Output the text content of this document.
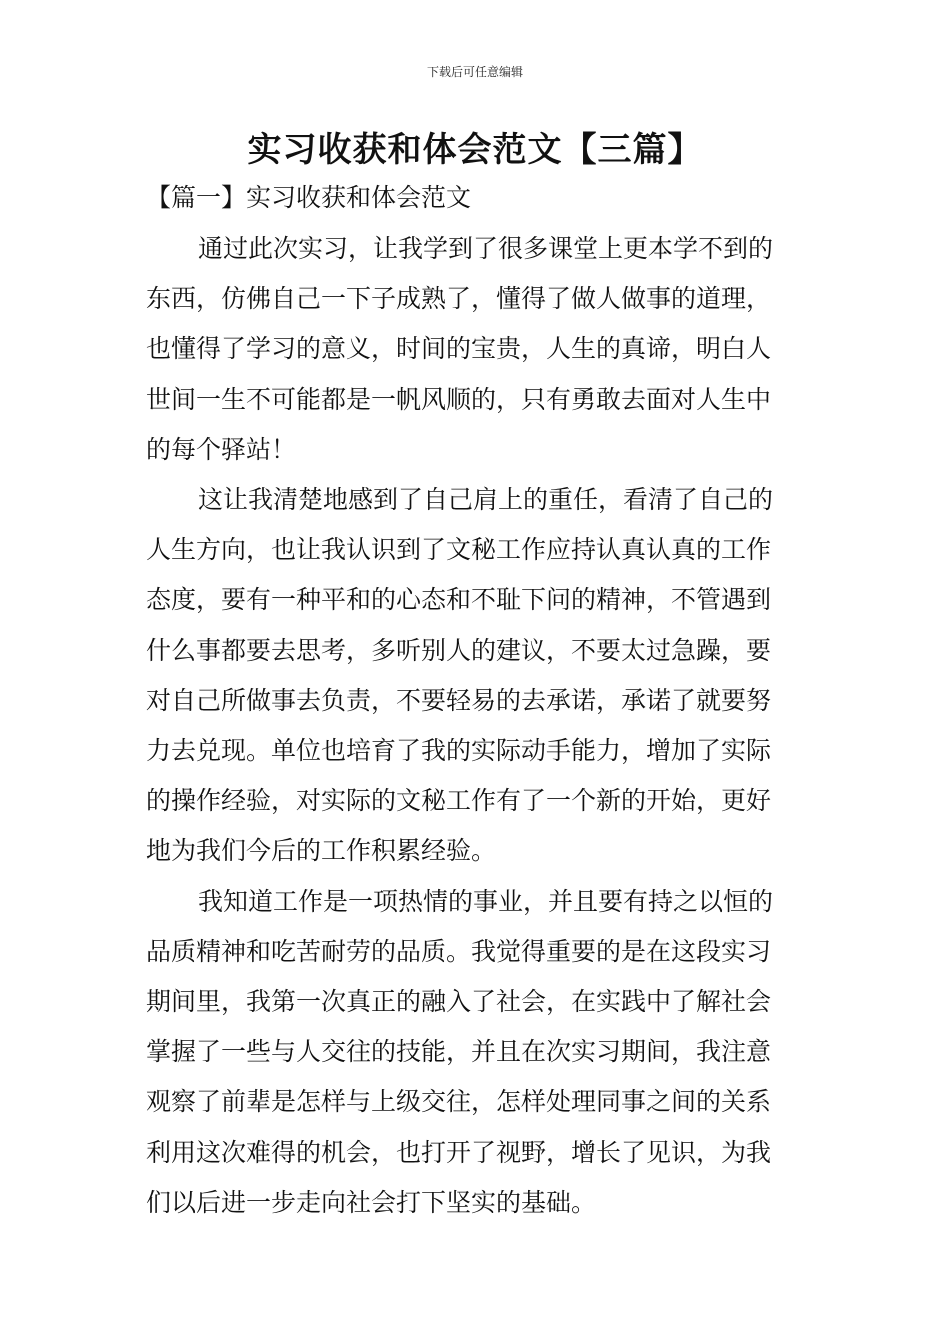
下载后可任意编辑
实习收获和体会范文【三篇】
【篇一】实习收获和体会范文
通过此次实习，让我学到了很多课堂上更本学不到的
东西，仿佛自己一下子成熟了，懂得了做人做事的道理，
也懂得了学习的意义，时间的宝贵，人生的真谛，明白人
世间一生不可能都是一帆风顺的，只有勇敢去面对人生中
的每个驿站！
这让我清楚地感到了自己肩上的重任，看清了自己的
人生方向，也让我认识到了文秘工作应持认真认真的工作
态度，要有一种平和的心态和不耻下问的精神，不管遇到
什么事都要去思考，多听别人的建议，不要太过急躁，要
对自己所做事去负责，不要轻易的去承诺，承诺了就要努
力去兑现。单位也培育了我的实际动手能力，增加了实际
的操作经验，对实际的文秘工作有了一个新的开始，更好
地为我们今后的工作积累经验。
我知道工作是一项热情的事业，并且要有持之以恒的
品质精神和吃苦耐劳的品质。我觉得重要的是在这段实习
期间里，我第一次真正的融入了社会，在实践中了解社会
掌握了一些与人交往的技能，并且在次实习期间，我注意
观察了前辈是怎样与上级交往，怎样处理同事之间的关系
利用这次难得的机会，也打开了视野，增长了见识，为我
们以后进一步走向社会打下坚实的基础。
